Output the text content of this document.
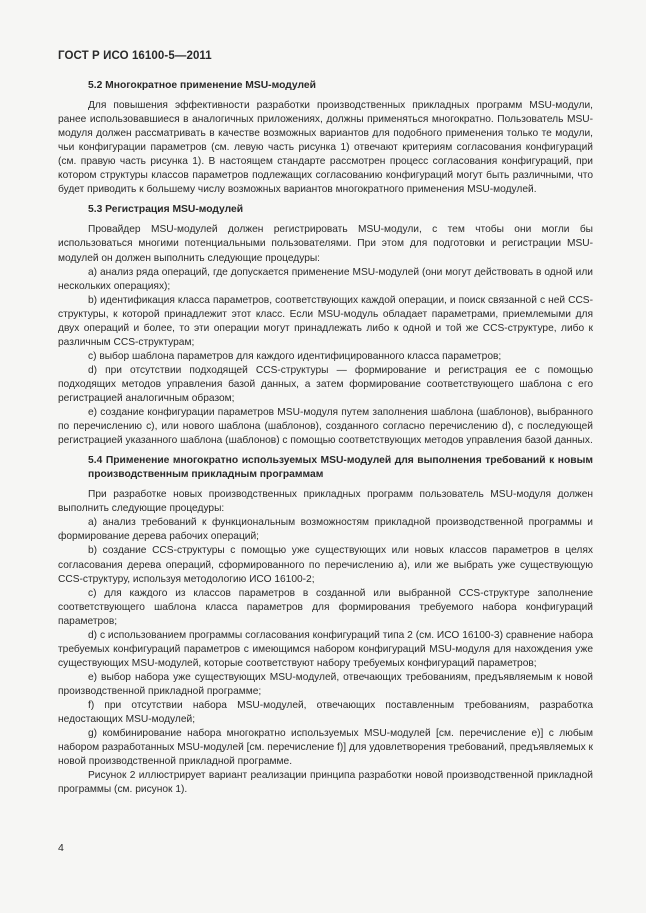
ГОСТ Р ИСО 16100-5—2011
5.2 Многократное применение MSU-модулей

Для повышения эффективности разработки производственных прикладных программ MSU-модули, ранее использовавшиеся в аналогичных приложениях, должны применяться многократно. Пользователь MSU-модуля должен рассматривать в качестве возможных вариантов для подобного применения только те модули, чьи конфигурации параметров (см. левую часть рисунка 1) отвечают критериям согласования конфигураций (см. правую часть рисунка 1). В настоящем стандарте рассмотрен процесс согласования конфигураций, при котором структуры классов параметров подлежащих согласованию конфигураций могут быть различными, что будет приводить к большему числу возможных вариантов многократного применения MSU-модулей.

5.3 Регистрация MSU-модулей

Провайдер MSU-модулей должен регистрировать MSU-модули, с тем чтобы они могли бы использоваться многими потенциальными пользователями. При этом для подготовки и регистрации MSU-модулей он должен выполнить следующие процедуры:

а) анализ ряда операций, где допускается применение MSU-модулей (они могут действовать в одной или нескольких операциях);

b) идентификация класса параметров, соответствующих каждой операции, и поиск связанной с ней CCS-структуры, к которой принадлежит этот класс. Если MSU-модуль обладает параметрами, приемлемыми для двух операций и более, то эти операции могут принадлежать либо к одной и той же CCS-структуре, либо к различным CCS-структурам;

с) выбор шаблона параметров для каждого идентифицированного класса параметров;

d) при отсутствии подходящей CCS-структуры — формирование и регистрация ее с помощью подходящих методов управления базой данных, а затем формирование соответствующего шаблона с его регистрацией аналогичным образом;

е) создание конфигурации параметров MSU-модуля путем заполнения шаблона (шаблонов), выбранного по перечислению с), или нового шаблона (шаблонов), созданного согласно перечислению d), с последующей регистрацией указанного шаблона (шаблонов) с помощью соответствующих методов управления базой данных.

5.4 Применение многократно используемых MSU-модулей для выполнения требований к новым производственным прикладным программам

При разработке новых производственных прикладных программ пользователь MSU-модуля должен выполнить следующие процедуры:

а) анализ требований к функциональным возможностям прикладной производственной программы и формирование дерева рабочих операций;

b) создание CCS-структуры с помощью уже существующих или новых классов параметров в целях согласования дерева операций, сформированного по перечислению а), или же выбрать уже существующую CCS-структуру, используя методологию ИСО 16100-2;

с) для каждого из классов параметров в созданной или выбранной CCS-структуре заполнение соответствующего шаблона класса параметров для формирования требуемого набора конфигураций параметров;

d) с использованием программы согласования конфигураций типа 2 (см. ИСО 16100-3) сравнение набора требуемых конфигураций параметров с имеющимся набором конфигураций MSU-модуля для нахождения уже существующих MSU-модулей, которые соответствуют набору требуемых конфигураций параметров;

е) выбор набора уже существующих MSU-модулей, отвечающих требованиям, предъявляемым к новой производственной прикладной программе;

f) при отсутствии набора MSU-модулей, отвечающих поставленным требованиям, разработка недостающих MSU-модулей;

g) комбинирование набора многократно используемых MSU-модулей [см. перечисление е)] с любым набором разработанных MSU-модулей [см. перечисление f)] для удовлетворения требований, предъявляемых к новой производственной прикладной программе.

Рисунок 2 иллюстрирует вариант реализации принципа разработки новой производственной прикладной программы (см. рисунок 1).

4
